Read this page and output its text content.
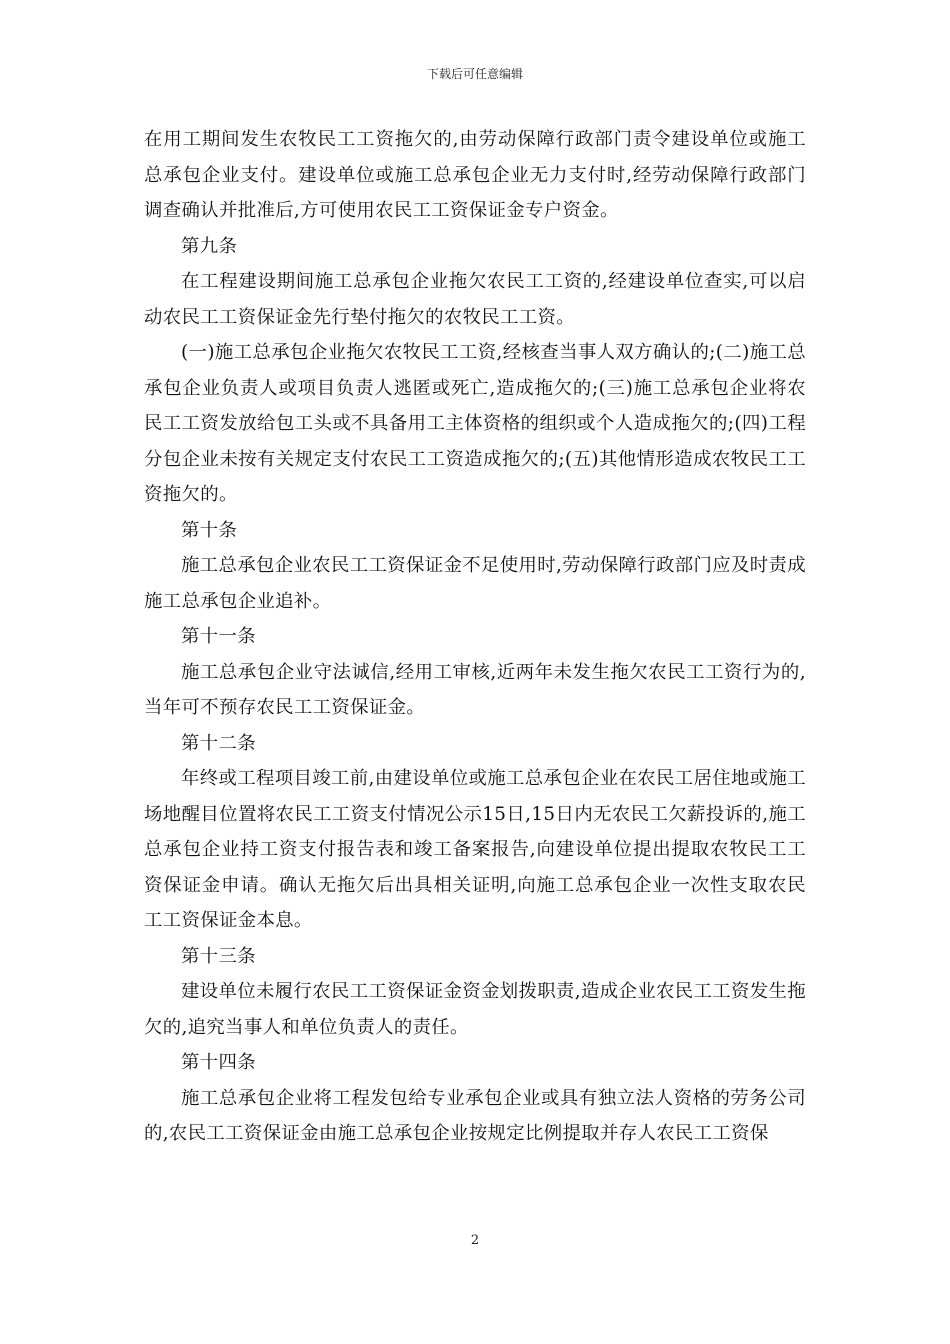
下载后可任意编辑

在用工期间发生农牧民工工资拖欠的,由劳动保障行政部门责令建设单位或施工总承包企业支付。建设单位或施工总承包企业无力支付时,经劳动保障行政部门调查确认并批准后,方可使用农民工工资保证金专户资金。

第九条

在工程建设期间施工总承包企业拖欠农民工工资的,经建设单位查实,可以启动农民工工资保证金先行垫付拖欠的农牧民工工资。

(一)施工总承包企业拖欠农牧民工工资,经核查当事人双方确认的;(二)施工总承包企业负责人或项目负责人逃匿或死亡,造成拖欠的;(三)施工总承包企业将农民工工资发放给包工头或不具备用工主体资格的组织或个人造成拖欠的;(四)工程分包企业未按有关规定支付农民工工资造成拖欠的;(五)其他情形造成农牧民工工资拖欠的。

第十条

施工总承包企业农民工工资保证金不足使用时,劳动保障行政部门应及时责成施工总承包企业追补。

第十一条

施工总承包企业守法诚信,经用工审核,近两年未发生拖欠农民工工资行为的,当年可不预存农民工工资保证金。

第十二条

年终或工程项目竣工前,由建设单位或施工总承包企业在农民工居住地或施工场地醒目位置将农民工工资支付情况公示15日,15日内无农民工欠薪投诉的,施工总承包企业持工资支付报告表和竣工备案报告,向建设单位提出提取农牧民工工资保证金申请。确认无拖欠后出具相关证明,向施工总承包企业一次性支取农民工工资保证金本息。

第十三条

建设单位未履行农民工工资保证金资金划拨职责,造成企业农民工工资发生拖欠的,追究当事人和单位负责人的责任。

第十四条

施工总承包企业将工程发包给专业承包企业或具有独立法人资格的劳务公司的,农民工工资保证金由施工总承包企业按规定比例提取并存人农民工工资保

2
